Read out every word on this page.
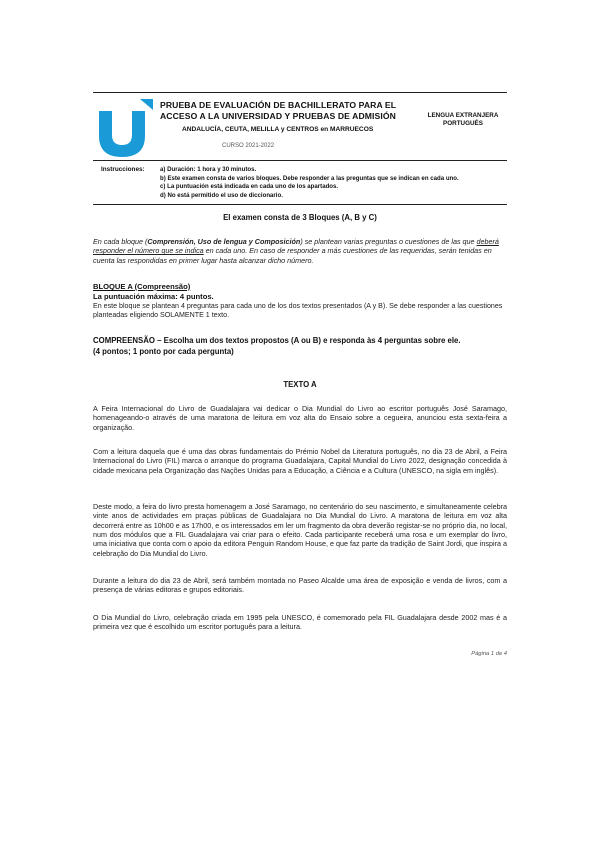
PRUEBA DE EVALUACIÓN DE BACHILLERATO PARA EL
ACCESO A LA UNIVERSIDAD Y PRUEBAS DE ADMISIÓN
ANDALUCÍA, CEUTA, MELILLA y CENTROS en MARRUECOS
CURSO 2021-2022
LENGUA EXTRANJERA
PORTUGUÉS
Instrucciones:	a) Duración: 1 hora y 30 minutos.
b) Este examen consta de varios bloques. Debe responder a las preguntas que se indican en cada uno.
c) La puntuación está indicada en cada uno de los apartados.
d) No está permitido el uso de diccionario.
El examen consta de 3 Bloques (A, B y C)
En cada bloque (Comprensión, Uso de lengua y Composición) se plantean varias preguntas o cuestiones de las que deberá responder el número que se indica en cada uno. En caso de responder a más cuestiones de las requeridas, serán tenidas en cuenta las respondidas en primer lugar hasta alcanzar dicho número.
BLOQUE A (Compreensão)
La puntuación máxima: 4 puntos.
En este bloque se plantean 4 preguntas para cada uno de los dos textos presentados (A y B). Se debe responder a las cuestiones planteadas eligiendo SOLAMENTE 1 texto.
COMPREENSÃO – Escolha um dos textos propostos (A ou B) e responda às 4 perguntas sobre ele.
(4 pontos; 1 ponto por cada pergunta)
TEXTO A
A Feira Internacional do Livro de Guadalajara vai dedicar o Dia Mundial do Livro ao escritor português José Saramago, homenageando-o através de uma maratona de leitura em voz alta do Ensaio sobre a cegueira, anunciou esta sexta-feira a organização.
Com a leitura daquela que é uma das obras fundamentais do Prémio Nobel da Literatura português, no dia 23 de Abril, a Feira Internacional do Livro (FIL) marca o arranque do programa Guadalajara, Capital Mundial do Livro 2022, designação concedida à cidade mexicana pela Organização das Nações Unidas para a Educação, a Ciência e a Cultura (UNESCO, na sigla em inglês).
Deste modo, a feira do livro presta homenagem a José Saramago, no centenário do seu nascimento, e simultaneamente celebra vinte anos de actividades em praças públicas de Guadalajara no Dia Mundial do Livro. A maratona de leitura em voz alta decorrerá entre as 10h00 e as 17h00, e os interessados em ler um fragmento da obra deverão registar-se no próprio dia, no local, num dos módulos que a FIL Guadalajara vai criar para o efeito. Cada participante receberá uma rosa e um exemplar do livro, uma iniciativa que conta com o apoio da editora Penguin Random House, e que faz parte da tradição de Saint Jordi, que inspira a celebração do Dia Mundial do Livro.
Durante a leitura do dia 23 de Abril, será também montada no Paseo Alcalde uma área de exposição e venda de livros, com a presença de várias editoras e grupos editoriais.
O Dia Mundial do Livro, celebração criada em 1995 pela UNESCO, é comemorado pela FIL Guadalajara desde 2002 mas é a primeira vez que é escolhido um escritor português para a leitura.
Página 1 de 4
